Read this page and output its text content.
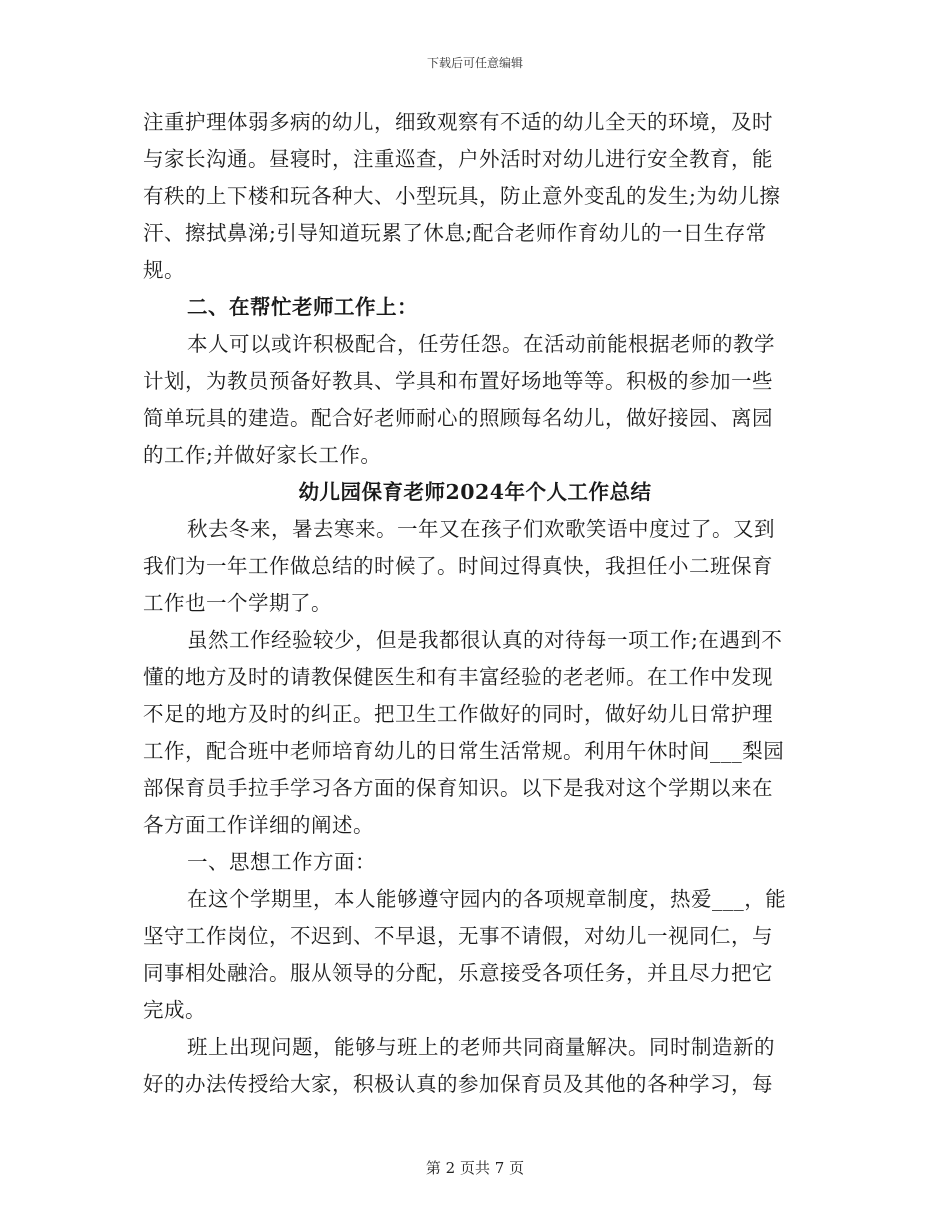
下载后可任意编辑
注重护理体弱多病的幼儿，细致观察有不适的幼儿全天的环境，及时
与家长沟通。昼寝时，注重巡查，户外活时对幼儿进行安全教育，能
有秩的上下楼和玩各种大、小型玩具，防止意外变乱的发生;为幼儿擦
汗、擦拭鼻涕;引导知道玩累了休息;配合老师作育幼儿的一日生存常
规。
二、在帮忙老师工作上：
本人可以或许积极配合，任劳任怨。在活动前能根据老师的教学
计划，为教员预备好教具、学具和布置好场地等等。积极的参加一些
简单玩具的建造。配合好老师耐心的照顾每名幼儿，做好接园、离园
的工作;并做好家长工作。
幼儿园保育老师2024年个人工作总结
秋去冬来，暑去寒来。一年又在孩子们欢歌笑语中度过了。又到
我们为一年工作做总结的时候了。时间过得真快，我担任小二班保育
工作也一个学期了。
虽然工作经验较少，但是我都很认真的对待每一项工作;在遇到不
懂的地方及时的请教保健医生和有丰富经验的老老师。在工作中发现
不足的地方及时的纠正。把卫生工作做好的同时，做好幼儿日常护理
工作，配合班中老师培育幼儿的日常生活常规。利用午休时间___梨园
部保育员手拉手学习各方面的保育知识。以下是我对这个学期以来在
各方面工作详细的阐述。
一、思想工作方面：
在这个学期里，本人能够遵守园内的各项规章制度，热爱___，能
坚守工作岗位，不迟到、不早退，无事不请假，对幼儿一视同仁，与
同事相处融洽。服从领导的分配，乐意接受各项任务，并且尽力把它
完成。
班上出现问题，能够与班上的老师共同商量解决。同时制造新的
好的办法传授给大家，积极认真的参加保育员及其他的各种学习，每
第 2 页共 7 页
